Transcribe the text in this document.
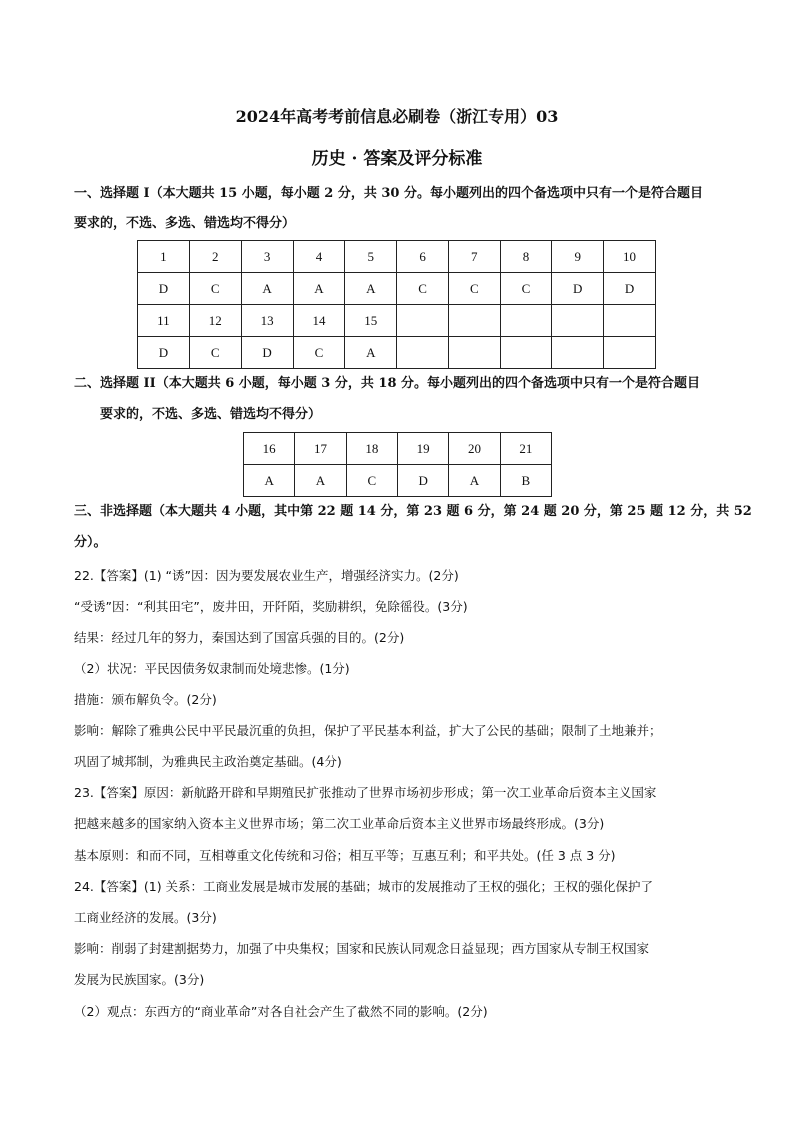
2024年高考考前信息必刷卷（浙江专用）03
历史 · 答案及评分标准
一、选择题 I（本大题共 15 小题，每小题 2 分，共 30 分。每小题列出的四个备选项中只有一个是符合题目
要求的，不选、多选、错选均不得分）
1	2	3	4	5	6	7	8	9	10
D	C	A	A	A	C	C	C	D	D
11	12	13	14	15					
D	C	D	C	A					
二、选择题 II（本大题共 6 小题，每小题 3 分，共 18 分。每小题列出的四个备选项中只有一个是符合题目
要求的，不选、多选、错选均不得分）
16	17	18	19	20	21
A	A	C	D	A	B
三、非选择题（本大题共 4 小题，其中第 22 题 14 分，第 23 题 6 分，第 24 题 20 分，第 25 题 12 分，共 52
分）。
22.【答案】(1) “诱”因：因为要发展农业生产，增强经济实力。(2分)
“受诱”因：“利其田宅”，废井田，开阡陌，奖励耕织，免除徭役。(3分)
结果：经过几年的努力，秦国达到了国富兵强的目的。(2分)
（2）状况：平民因债务奴隶制而处境悲惨。(1分)
措施：颁布解负令。(2分)
影响：解除了雅典公民中平民最沉重的负担，保护了平民基本利益，扩大了公民的基础；限制了土地兼并；
巩固了城邦制，为雅典民主政治奠定基础。(4分)
23.【答案】原因：新航路开辟和早期殖民扩张推动了世界市场初步形成；第一次工业革命后资本主义国家
把越来越多的国家纳入资本主义世界市场；第二次工业革命后资本主义世界市场最终形成。(3分)
基本原则：和而不同，互相尊重文化传统和习俗；相互平等；互惠互利；和平共处。(任 3 点 3 分)
24.【答案】(1) 关系：工商业发展是城市发展的基础；城市的发展推动了王权的强化；王权的强化保护了
工商业经济的发展。(3分)
影响：削弱了封建割据势力，加强了中央集权；国家和民族认同观念日益显现；西方国家从专制王权国家
发展为民族国家。(3分)
（2）观点：东西方的“商业革命”对各自社会产生了截然不同的影响。(2分)
